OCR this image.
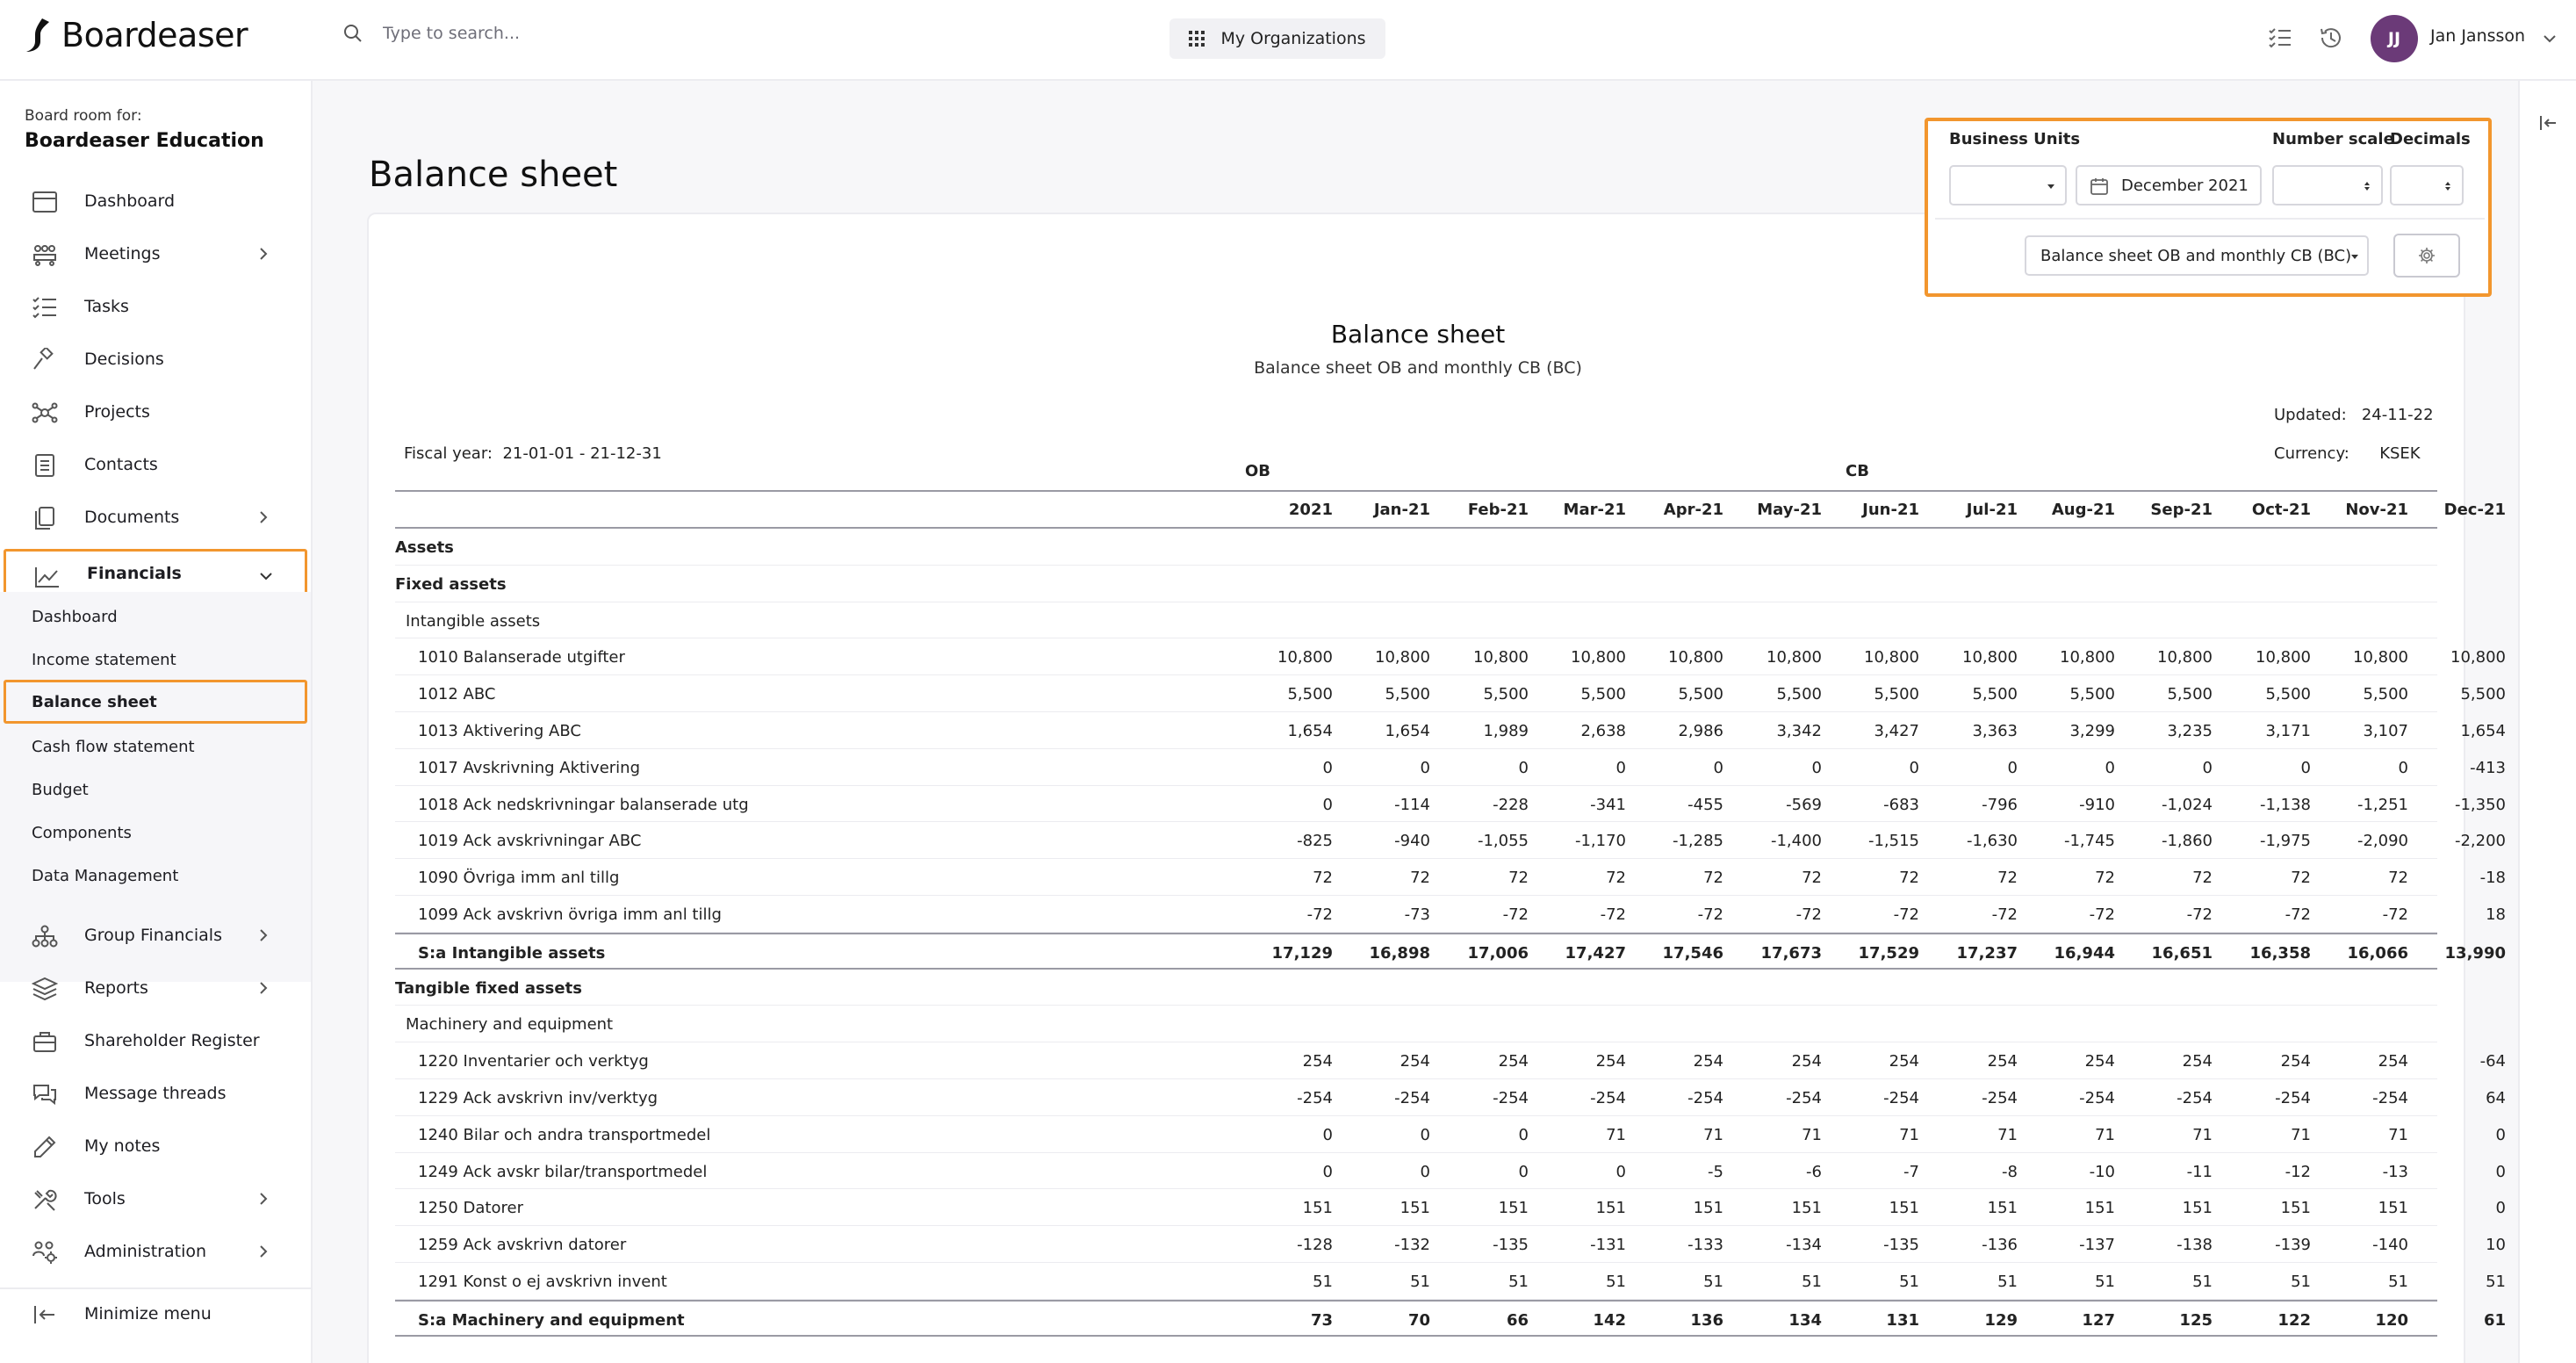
Boardeaser
Type to search...	My Organizations	JJ	Jan Jansson
Board room for:
Boardeaser Education
Dashboard
Meetings
Tasks
Decisions
Projects
Contacts
Documents
Financials
Dashboard
Income statement
Balance sheet
Cash flow statement
Budget
Components
Data Management
Group Financials
Reports
Shareholder Register
Message threads
My notes
Tools
Administration
Minimize menu
Balance sheet
Balance sheet
Balance sheet OB and monthly CB (BC)
Updated: 24-11-22
Fiscal year: 21-01-01 - 21-12-31	Currency: KSEK
OB	CB
2021	Jan-21	Feb-21	Mar-21	Apr-21	May-21	Jun-21	Jul-21	Aug-21	Sep-21	Oct-21	Nov-21	Dec-21
Assets
Fixed assets
Intangible assets
1010 Balanserade utgifter	10,800	10,800	10,800	10,800	10,800	10,800	10,800	10,800	10,800	10,800	10,800	10,800	10,800
1012 ABC	5,500	5,500	5,500	5,500	5,500	5,500	5,500	5,500	5,500	5,500	5,500	5,500	5,500
1013 Aktivering ABC	1,654	1,654	1,989	2,638	2,986	3,342	3,427	3,363	3,299	3,235	3,171	3,107	1,654
1017 Avskrivning Aktivering	0	0	0	0	0	0	0	0	0	0	0	0	-413
1018 Ack nedskrivningar balanserade utg	0	-114	-228	-341	-455	-569	-683	-796	-910	-1,024	-1,138	-1,251	-1,350
1019 Ack avskrivningar ABC	-825	-940	-1,055	-1,170	-1,285	-1,400	-1,515	-1,630	-1,745	-1,860	-1,975	-2,090	-2,200
1090 Övriga imm anl tillg	72	72	72	72	72	72	72	72	72	72	72	72	-18
1099 Ack avskrivn övriga imm anl tillg	-72	-73	-72	-72	-72	-72	-72	-72	-72	-72	-72	-72	18
S:a Intangible assets	17,129	16,898	17,006	17,427	17,546	17,673	17,529	17,237	16,944	16,651	16,358	16,066	13,990
Tangible fixed assets
Machinery and equipment
1220 Inventarier och verktyg	254	254	254	254	254	254	254	254	254	254	254	254	-64
1229 Ack avskrivn inv/verktyg	-254	-254	-254	-254	-254	-254	-254	-254	-254	-254	-254	-254	64
1240 Bilar och andra transportmedel	0	0	0	71	71	71	71	71	71	71	71	71	0
1249 Ack avskr bilar/transportmedel	0	0	0	0	-5	-6	-7	-8	-10	-11	-12	-13	0
1250 Datorer	151	151	151	151	151	151	151	151	151	151	151	151	0
1259 Ack avskrivn datorer	-128	-132	-135	-131	-133	-134	-135	-136	-137	-138	-139	-140	10
1291 Konst o ej avskrivn invent	51	51	51	51	51	51	51	51	51	51	51	51	51
S:a Machinery and equipment	73	70	66	142	136	134	131	129	127	125	122	120	61
Business Units	Number scale
Decimals
December 2021
Balance sheet OB and monthly CB (BC)
